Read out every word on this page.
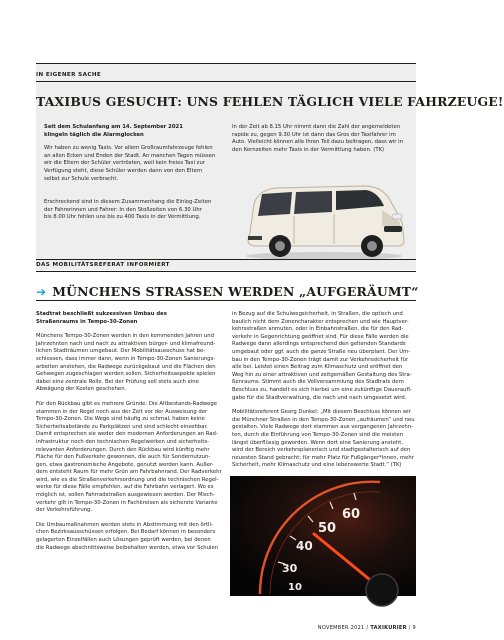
IN EIGENER SACHE
TAXIBUS GESUCHT: UNS FEHLEN TÄGLICH VIELE FAHRZEUGE!
Seit dem Schulanfang am 14. September 2021
klingeln täglich die Alarmglocken
Wir haben zu wenig Taxis. Vor allem Großraumfahrzeuge fehlen
an allen Ecken und Enden der Stadt. An manchen Tagen müssen
wir die Eltern der Schüler vertrösten, weil kein freies Taxi zur
Verfügung steht, diese Schüler werden dann von den Eltern
selbst zur Schule verbracht.
Erschreckend sind in diesem Zusammenhang die Einlog-Zeiten
der Fahrerinnen und Fahrer: In den Stoßzeiten von 6.30 Uhr
bis 8.00 Uhr fehlen uns bis zu 400 Taxis in der Vermittlung.
In der Zeit ab 8.15 Uhr nimmt dann die Zahl der angemeldeten
rapide zu, gegen 9.30 Uhr ist dann das Gros der Taxifahrer im
Auto. Vielleicht können alle Ihren Teil dazu beitragen, dass wir in
den Kernzeiten mehr Taxis in der Vermittlung haben. (TK)
DAS MOBILITÄTSREFERAT INFORMIERT
➔ MÜNCHENS STRASSEN WERDEN „AUFGERÄUMT“
Stadtrat beschließt sukzessiven Umbau des
Straßenraums in Tempo-30-Zonen
Münchens Tempo-30-Zonen werden in den kommenden Jahren und
Jahrzehnten nach und nach zu attraktiven bürger- und klimafreund-
lichen Stadträumen umgebaut. Der Mobilitätsausschuss hat be-
schlossen, dass immer dann, wenn in Tempo-30-Zonen Sanierungs-
arbeiten anstehen, die Radwege zurückgebaut und die Flächen den
Gehwegen zugeschlagen werden sollen. Sicherheitsaspekte spielen
dabei eine zentrale Rolle. Bei der Prüfung soll stets auch eine
Abwägung der Kosten geschehen.
Für den Rückbau gibt es mehrere Gründe: Die Altbestands-Radwege
stammen in der Regel noch aus der Zeit vor der Ausweisung der
Tempo-30-Zonen. Die Wege sind häufig zu schmal, haben keine
Sicherheitsabstände zu Parkplätzen und sind schlecht einsehbar.
Damit entsprechen sie weder den modernen Anforderungen an Rad-
infrastruktur noch den technischen Regelwerken und sicherheits-
relevanten Anforderungen. Durch den Rückbau wird künftig mehr
Fläche für den Fußverkehr gewonnen, die auch für Sondernutzun-
gen, etwa gastronomische Angebote, genutzt werden kann. Außer-
dem entsteht Raum für mehr Grün am Fahrbahnrand. Der Radverkehr
wird, wie es die Straßenverkehrsordnung und die technischen Regel-
werke für diese Fälle empfehlen, auf die Fahrbahn verlagert. Wo es
möglich ist, sollen Fahrradstraßen ausgewiesen werden. Der Misch-
verkehr gilt in Tempo-30-Zonen in Fachkreisen als sicherste Variante
der Verkehrsführung.
Die Umbaumaßnahmen werden stets in Abstimmung mit den örtli-
chen Bezirksausschüssen erfolgen. Bei Bedarf können in besonders
gelagerten Einzelfällen auch Lösungen geprüft werden, bei denen
die Radwege abschnittsweise beibehalten werden, etwa vor Schulen
in Bezug auf die Schulwegsicherheit, in Straßen, die optisch und
baulich nicht dem Zonencharakter entsprechen und wie Hauptver-
kehrsstraßen anmuten, oder in Einbahnstraßen, die für den Rad-
verkehr in Gegenrichtung geöffnet sind. Für diese Fälle werden die
Radwege dann allerdings entsprechend den geltenden Standards
umgebaut oder ggf. auch die ganze Straße neu überplant. Der Um-
bau in den Tempo-30-Zonen trägt damit zur Verkehrssicherheit für
alle bei. Leistet einen Beitrag zum Klimaschutz und eröffnet den
Weg hin zu einer attraktiven und zeitgemäßen Gestaltung des Stra-
ßenraums. Stimmt auch die Vollversammlung des Stadtrats dem
Beschluss zu, handelt es sich hierbei um eine zukünftige Daueraufl-
gabe für die Stadtverwaltung, die nach und nach umgesetzt wird.
Mobilitätsreferent Georg Dunkel: „Mit diesem Beschluss können wir
die Münchner Straßen in den Tempo-30-Zonen „aufräumen“ und neu
gestalten. Viele Radwege dort stammen aus vergangenen Jahrzehn-
ten, durch die Einführung von Tempo-30-Zonen sind die meisten
längst überflüssig geworden. Wenn dort eine Sanierung ansteht,
wird der Bereich verkehrsplanerisch und stadtgestalterisch auf den
neuesten Stand gebracht: für mehr Platz für Fußgänger*innen, mehr
Sicherheit, mehr Klimaschutz und eine lebenswerte Stadt.“ (TK)
60
50
40
30
10
NOVEMBER 2021 / TAXIKURIER / 9
